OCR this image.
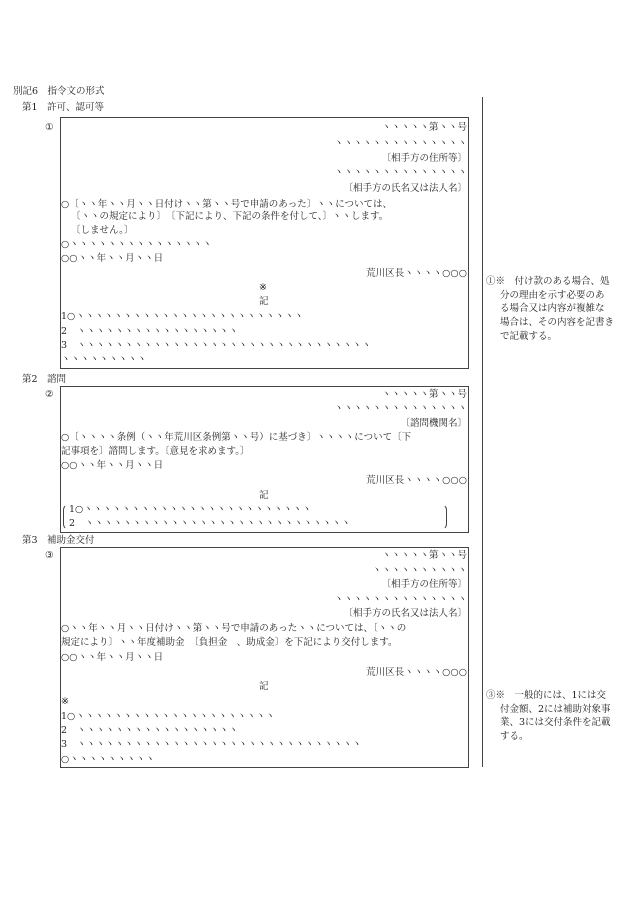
別記6　指令文の形式
第1　許可、認可等
①	ヽヽヽヽヽ第ヽヽ号
ヽヽヽヽヽヽヽヽヽヽヽヽヽヽ
〔相手方の住所等〕
ヽヽヽヽヽヽヽヽヽヽヽヽヽヽ
〔相手方の氏名又は法人名〕
○〔ヽヽ年ヽヽ月ヽヽ日付けヽヽ第ヽヽ号で申請のあった〕ヽヽについては、
〔ヽヽの規定により〕　〔下記により、下記の条件を付して、〕ヽヽします。
〔しません。〕
○ヽヽヽヽヽヽヽヽヽヽヽヽヽヽヽ
○○ヽヽ年ヽヽ月ヽヽ日
荒川区長ヽヽヽヽ○○○
※
記
1○ヽヽヽヽヽヽヽヽヽヽヽヽヽヽヽヽヽヽヽヽヽヽヽヽ
2　ヽヽヽヽヽヽヽヽヽヽヽヽヽヽヽヽヽ
3　ヽヽヽヽヽヽヽヽヽヽヽヽヽヽヽヽヽヽヽヽヽヽヽヽヽヽヽヽヽヽヽ
ヽヽヽヽヽヽヽヽヽ
①※　付け款のある場合、処
分の理由を示す必要のあ
る場合又は内容が複雑な
場合は、その内容を記書き
で記載する。
第2　諮問
②	ヽヽヽヽヽ第ヽヽ号
ヽヽヽヽヽヽヽヽヽヽヽヽヽヽ
〔諮問機関名〕
○〔ヽヽヽヽ条例（ヽヽ年荒川区条例第ヽヽ号）に基づき〕ヽヽヽヽについて〔下
記事項を〕諮問します。〔意見を求めます。〕
○○ヽヽ年ヽヽ月ヽヽ日
荒川区長ヽヽヽヽ○○○
記
1○ヽヽヽヽヽヽヽヽヽヽヽヽヽヽヽヽヽヽヽヽヽヽヽヽ
2　ヽヽヽヽヽヽヽヽヽヽヽヽヽヽヽヽヽヽヽヽヽヽヽヽヽヽヽヽ
第3　補助金交付
③	ヽヽヽヽヽ第ヽヽ号
ヽヽヽヽヽヽヽヽヽヽ
〔相手方の住所等〕
ヽヽヽヽヽヽヽヽヽヽヽヽヽヽ
〔相手方の氏名又は法人名〕
○ヽヽ年ヽヽ月ヽヽ日付けヽヽ第ヽヽ号で申請のあったヽヽについては、〔ヽヽの
規定により〕ヽヽ年度補助金　〔負担金　、助成金〕を下記により交付します。
○○ヽヽ年ヽヽ月ヽヽ日
荒川区長ヽヽヽヽ○○○
記
※
1○ヽヽヽヽヽヽヽヽヽヽヽヽヽヽヽヽヽヽヽヽヽ
2　ヽヽヽヽヽヽヽヽヽヽヽヽヽヽヽヽヽ
3　ヽヽヽヽヽヽヽヽヽヽヽヽヽヽヽヽヽヽヽヽヽヽヽヽヽヽヽヽヽヽ
○ヽヽヽヽヽヽヽヽヽ
③※　一般的には、1には交
付金額、2には補助対象事
業、3には交付条件を記載
する。
